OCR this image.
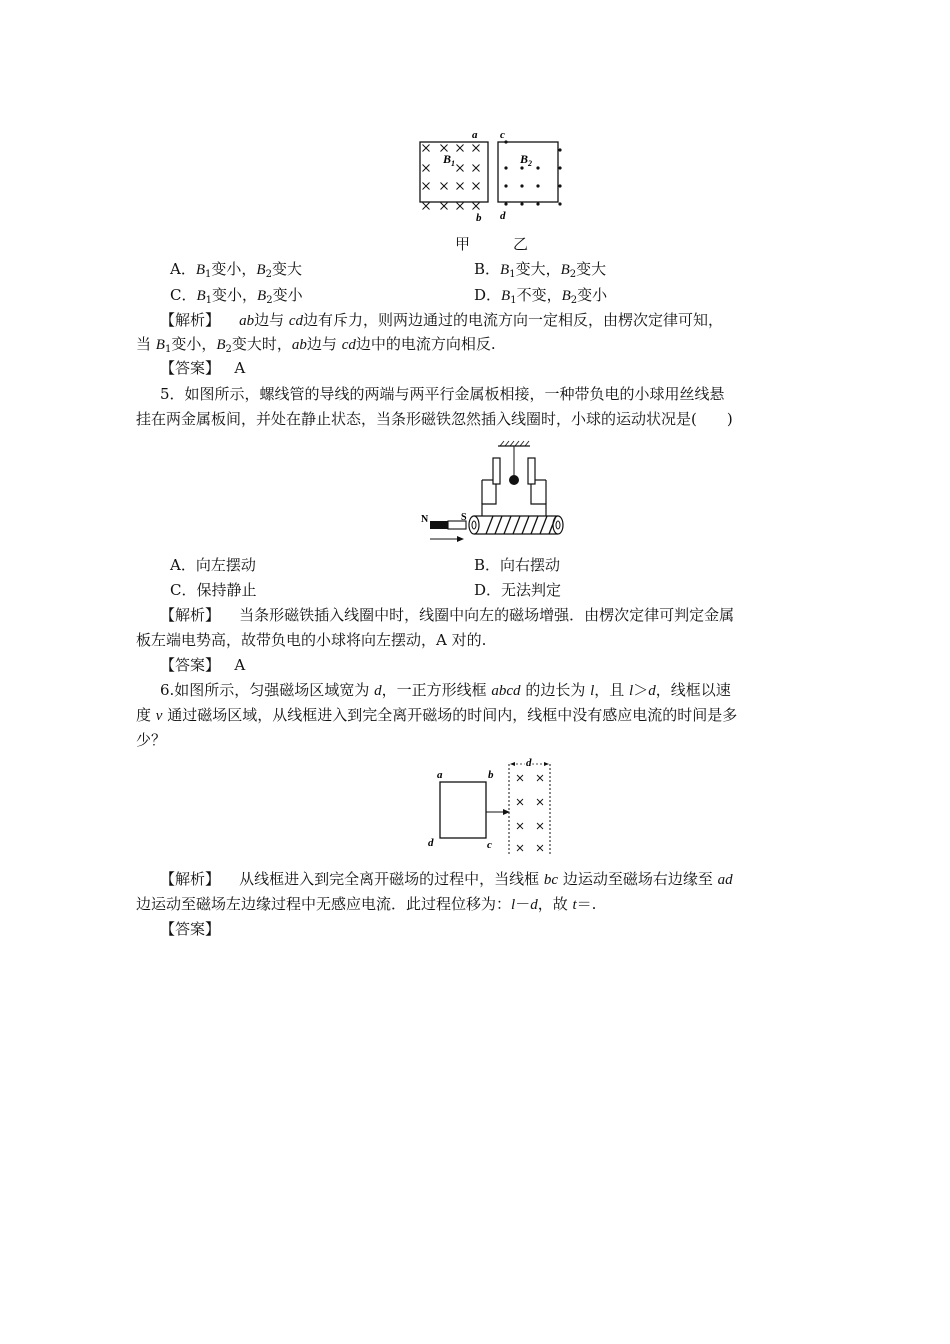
a
b
$B_1$
c
d
$B_2$
甲	乙
A．$B_1$变小，$B_2$变大	B．$B_1$变大，$B_2$变大
C．$B_1$变小，$B_2$变小	D．$B_1$不变，$B_2$变小
【解析】 ab边与 cd边有斥力，则两边通过的电流方向一定相反，由楞次定律可知，
当 $B_1$变小，$B_2$变大时，ab边与 cd边中的电流方向相反.
【答案】 A
5．如图所示，螺线管的导线的两端与两平行金属板相接，一种带负电的小球用丝线悬
挂在两金属板间，并处在静止状态，当条形磁铁忽然插入线圈时，小球的运动状况是(　　)
N	S
A．向左摆动	B．向右摆动
C．保持静止	D．无法判定
【解析】 当条形磁铁插入线圈中时，线圈中向左的磁场增强．由楞次定律可判定金属
板左端电势高，故带负电的小球将向左摆动，A 对的.
【答案】 A
6.如图所示，匀强磁场区域宽为 d，一正方形线框 abcd 的边长为 l，且 l＞d，线框以速
度 v 通过磁场区域，从线框进入到完全离开磁场的时间内，线框中没有感应电流的时间是多
少？
a	b
c
d
d
【解析】 从线框进入到完全离开磁场的过程中，当线框 bc 边运动至磁场右边缘至 ad
边运动至磁场左边缘过程中无感应电流．此过程位移为：l－d，故 t＝.
【答案】
